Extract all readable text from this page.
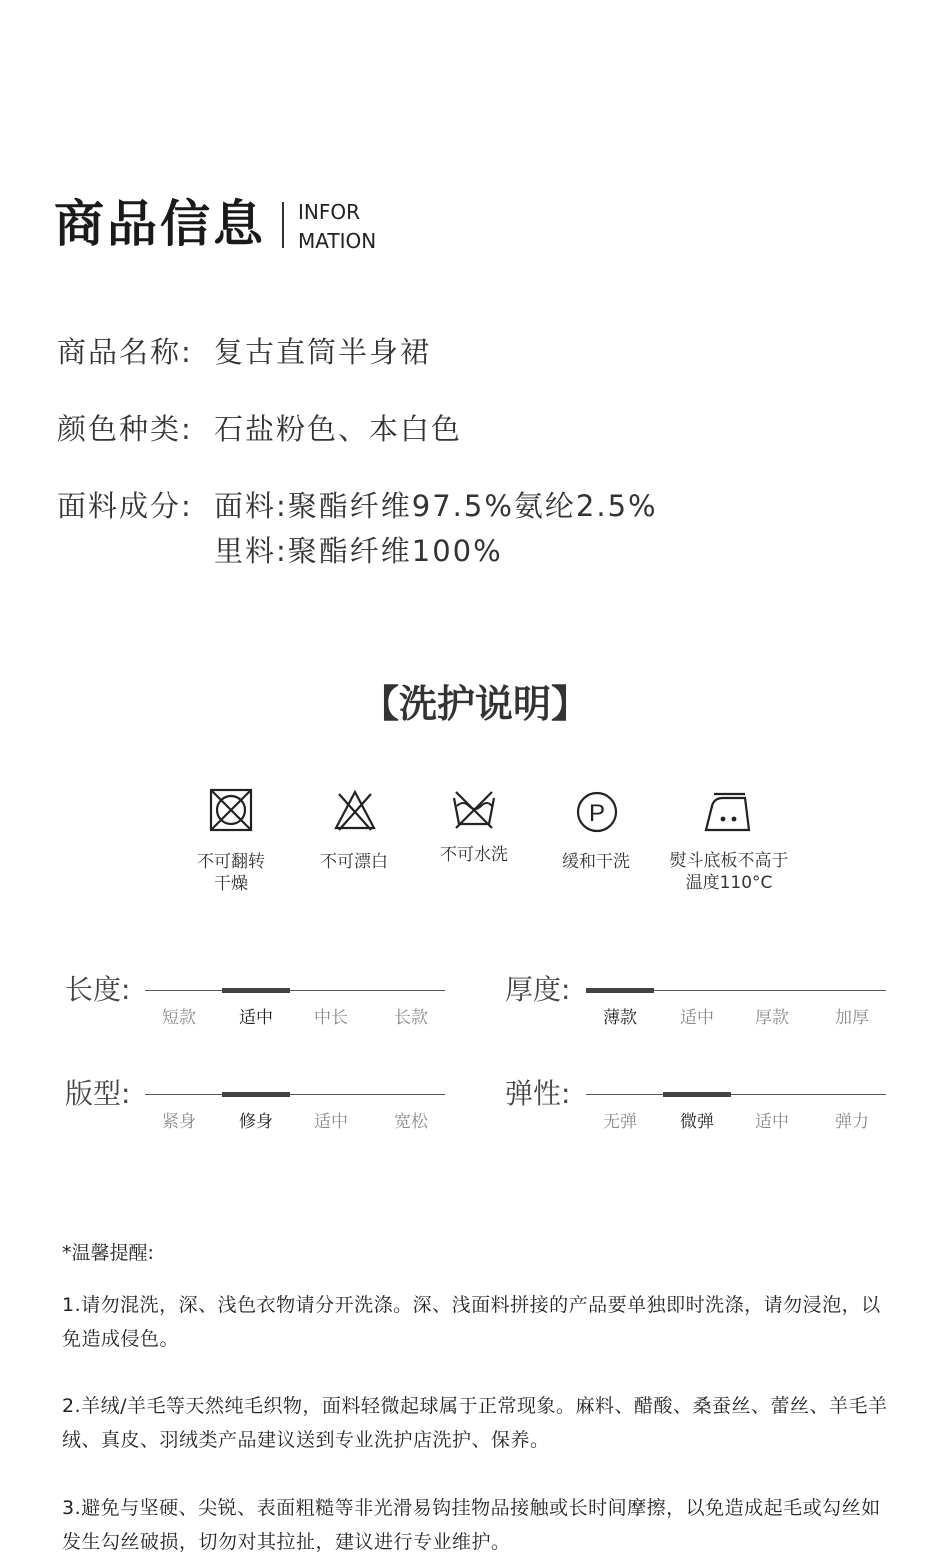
商品信息 INFOR
MATION
商品名称: 复古直筒半身裙
颜色种类: 石盐粉色、本白色
面料成分: 面料:聚酯纤维97.5%氨纶2.5%
里料:聚酯纤维100%
【洗护说明】
P
不可翻转
干燥
不可漂白	不可水洗	缓和干洗	熨斗底板不高于
温度110°C
长度:
短款	适中	中长	长款
厚度:
薄款	适中	厚款	加厚
版型:
紧身	修身	适中	宽松
弹性:
无弹	微弹	适中	弹力
*温馨提醒:
1.请勿混洗，深、浅色衣物请分开洗涤。深、浅面料拼接的产品要单独即时洗涤，请勿浸泡，以免造成侵色。
2.羊绒/羊毛等天然纯毛织物，面料轻微起球属于正常现象。麻料、醋酸、桑蚕丝、蕾丝、羊毛羊绒、真皮、羽绒类产品建议送到专业洗护店洗护、保养。
3.避免与坚硬、尖锐、表面粗糙等非光滑易钩挂物品接触或长时间摩擦，以免造成起毛或勾丝如发生勾丝破损，切勿对其拉扯，建议进行专业维护。
